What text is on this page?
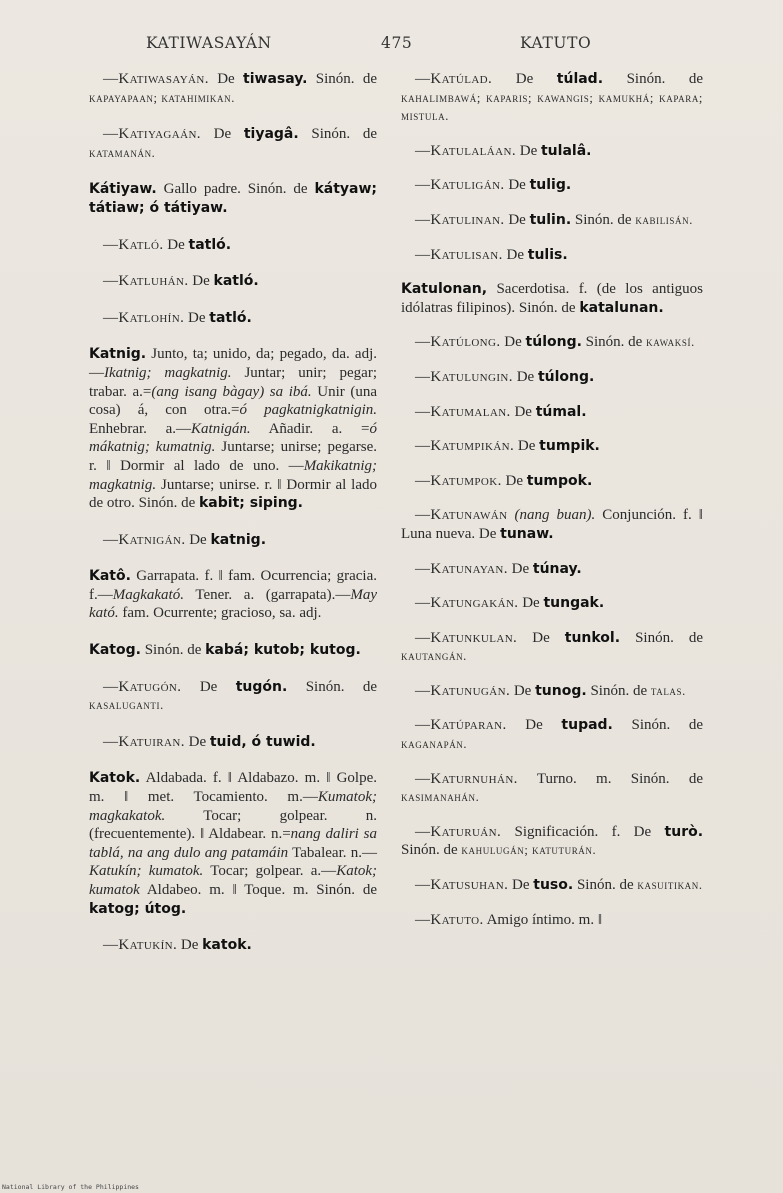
KATIWASAYÁN	475	KATUTO

—Katiwasayán. De tiwasay. Sinón. de kapayapaan; katahimikan.

—Katiyagaán. De tiyagâ. Sinón. de katamanán.

Kátiyaw. Gallo padre. Sinón. de kátyaw; tátiaw; ó tátiyaw.

—Katló. De tatló.

—Katluhán. De katló.

—Katlohín. De tatló.

Katnig. Junto, ta; unido, da; pegado, da. adj.—Ikatnig; magkatnig. Juntar; unir; pegar; trabar. a.=(ang isang bàgay) sa ibá. Unir (una cosa) á, con otra.=ó pagkatnigkatnigin. Enhebrar. a.—Katnigán. Añadir. a. =ó mákatnig; kumatnig. Juntarse; unirse; pegarse. r. ‖ Dormir al lado de uno. —Makikatnig; magkatnig. Juntarse; unirse. r. ‖ Dormir al lado de otro. Sinón. de kabit; siping.

—Katnigán. De katnig.

Katô. Garrapata. f. ‖ fam. Ocurrencia; gracia. f.—Magkakató. Tener. a. (garrapata).—May kató. fam. Ocurrente; gracioso, sa. adj.

Katog. Sinón. de kabá; kutob; kutog.

—Katugón. De tugón. Sinón. de kasaluganti.

—Katuiran. De tuid, ó tuwid.

Katok. Aldabada. f. ‖ Aldabazo. m. ‖ Golpe. m. ‖ met. Tocamiento. m.—Kumatok; magkakatok.	Tocar; golpear. n. (frecuentemente). ‖ Aldabear. n.=nang daliri sa tablá, na ang dulo ang patamáin Tabalear. n.—Katukín; kumatok. Tocar; golpear. a.—Katok; kumatok Aldabeo. m. ‖ Toque. m. Sinón. de katog; útog.

—Katukín. De katok.

—Katúlad. De túlad. Sinón. de kahalimbawá; kaparis; kawangis; kamukhá; kapara; mistula.

—Katulaláan. De tulalâ.

—Katuligán. De tulig.

—Katulinan. De tulin. Sinón. de kabilisán.

—Katulisan. De tulis.

Katulonan, Sacerdotisa. f. (de los antiguos idólatras filipinos). Sinón. de katalunan.

—Katúlong. De túlong. Sinón. de kawaksí.

—Katulungin. De túlong.

—Katumalan. De túmal.

—Katumpikán. De tumpik.

—Katumpok. De tumpok.

—Katunawán (nang buan). Conjunción. f. ‖ Luna nueva. De tunaw.

—Katunayan. De túnay.

—Katungakán. De tungak.

—Katunkulan. De tunkol. Sinón. de kautangán.

—Katunugán. De tunog. Sinón. de talas.

—Katúparan. De tupad. Sinón. de kaganapán.

—Katurnuhán. Turno. m. Sinón. de kasimanahán.

—Katuruán. Significación. f. De turò. Sinón. de kahulugán; katuturán.

—Katusuhan. De tuso. Sinón. de kasuitikan.

—Katuto. Amigo íntimo. m. ‖

National Library of the Philippines
